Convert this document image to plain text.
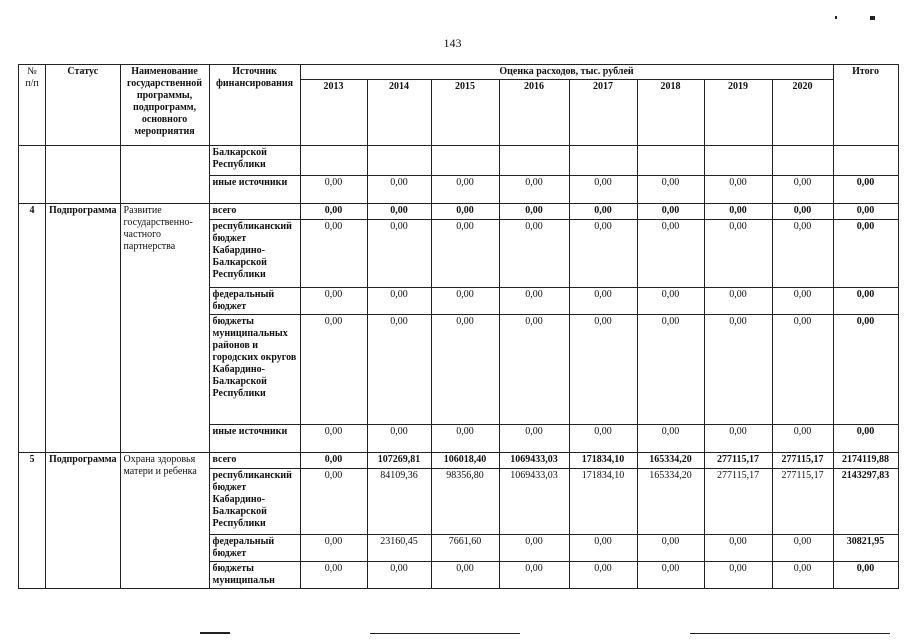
143
№ п/п	Статус	Наименование государственной программы, подпрограмм, основного мероприятия	Источник финансирования	Оценка расходов, тыс. рублей								Итого
				2013	2014	2015	2016	2017	2018	2019	2020	
			Балкарской Республики									
			иные источники	0,00	0,00	0,00	0,00	0,00	0,00	0,00	0,00	0,00
4	Подпрограмма	Развитие государственно-частного партнерства	всего	0,00	0,00	0,00	0,00	0,00	0,00	0,00	0,00	0,00
			республиканский бюджет Кабардино-Балкарской Республики	0,00	0,00	0,00	0,00	0,00	0,00	0,00	0,00	0,00
			федеральный бюджет	0,00	0,00	0,00	0,00	0,00	0,00	0,00	0,00	0,00
			бюджеты муниципальных районов и городских округов Кабардино-Балкарской Республики	0,00	0,00	0,00	0,00	0,00	0,00	0,00	0,00	0,00
			иные источники	0,00	0,00	0,00	0,00	0,00	0,00	0,00	0,00	0,00
5	Подпрограмма	Охрана здоровья матери и ребенка	всего	0,00	107269,81	106018,40	1069433,03	171834,10	165334,20	277115,17	277115,17	2174119,88
			республиканский бюджет Кабардино-Балкарской Республики	0,00	84109,36	98356,80	1069433,03	171834,10	165334,20	277115,17	277115,17	2143297,83
			федеральный бюджет	0,00	23160,45	7661,60	0,00	0,00	0,00	0,00	0,00	30821,95
			бюджеты муниципальн	0,00	0,00	0,00	0,00	0,00	0,00	0,00	0,00	0,00
